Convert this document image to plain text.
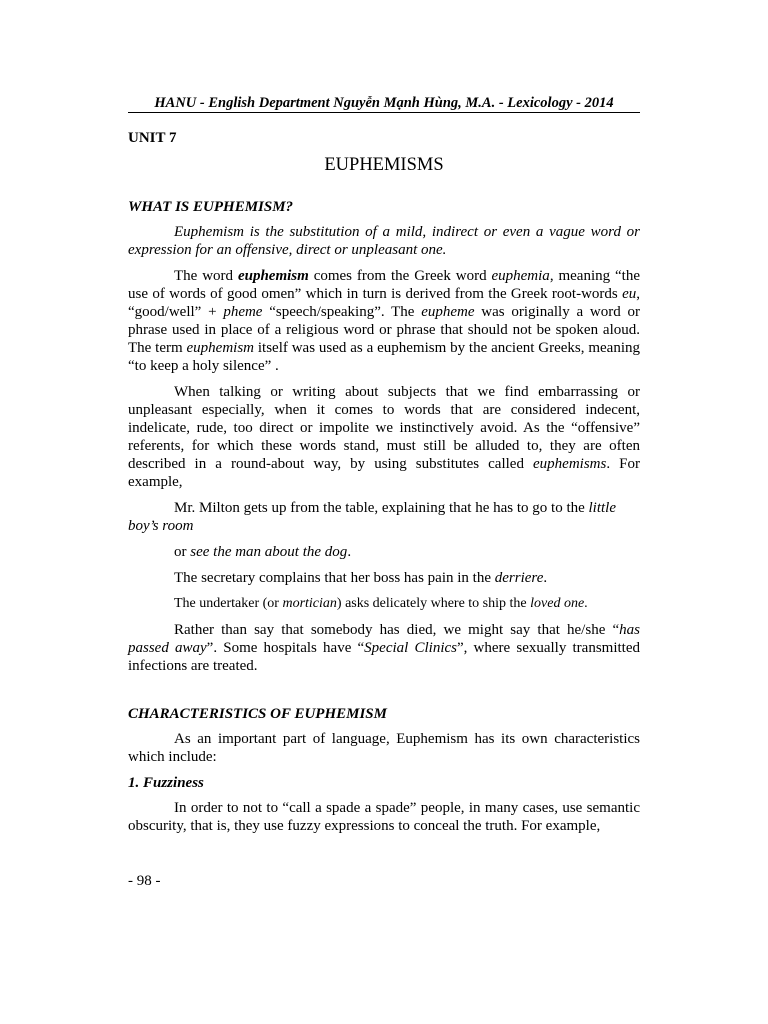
HANU - English Department Nguyễn Mạnh Hùng, M.A. - Lexicology - 2014

UNIT 7

EUPHEMISMS

WHAT IS EUPHEMISM?

Euphemism is the substitution of a mild, indirect or even a vague word or expression for an offensive, direct or unpleasant one.

The word euphemism comes from the Greek word euphemia, meaning “the use of words of good omen” which in turn is derived from the Greek root-words eu, “good/well” + pheme “speech/speaking”. The eupheme was originally a word or phrase used in place of a religious word or phrase that should not be spoken aloud. The term euphemism itself was used as a euphemism by the ancient Greeks, meaning “to keep a holy silence” .

When talking or writing about subjects that we find embarrassing or unpleasant especially, when it comes to words that are considered indecent, indelicate, rude, too direct or impolite we instinctively avoid. As the “offensive” referents, for which these words stand, must still be alluded to, they are often described in a round-about way, by using substitutes called euphemisms. For example,

Mr. Milton gets up from the table, explaining that he has to go to the little boy’s room

or see the man about the dog.

The secretary complains that her boss has pain in the derriere.

The undertaker (or mortician) asks delicately where to ship the loved one.

Rather than say that somebody has died, we might say that he/she “has passed away”. Some hospitals have “Special Clinics”, where sexually transmitted infections are treated.

CHARACTERISTICS OF EUPHEMISM

As an important part of language, Euphemism has its own characteristics which include:

1. Fuzziness

In order to not to “call a spade a spade” people, in many cases, use semantic obscurity, that is, they use fuzzy expressions to conceal the truth. For example,

- 98 -
